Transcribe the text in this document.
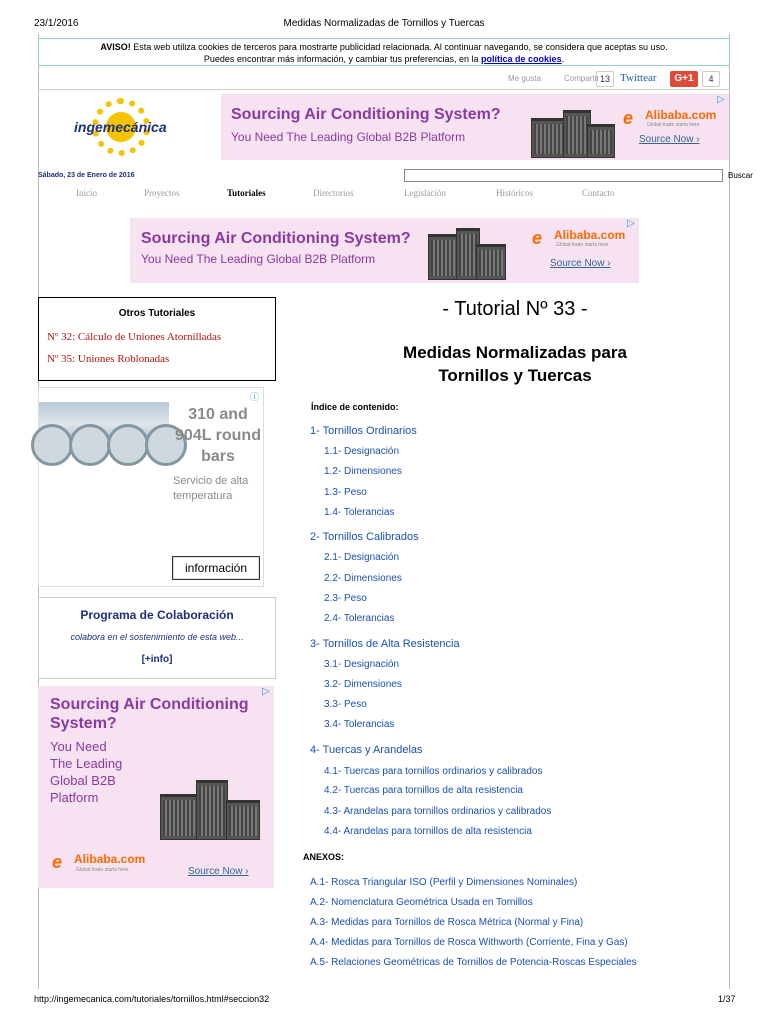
23/1/2016	Medidas Normalizadas de Tornillos y Tuercas
AVISO! Esta web utiliza cookies de terceros para mostrarte publicidad relacionada. Al continuar navegando, se considera que aceptas su uso.
Puedes encontrar más información, y cambiar tus preferencias, en la política de cookies.
Me gusta	Compartir 13 Twittear	G+1	4
ingemecánica
Sourcing Air Conditioning System?
You Need The Leading Global B2B Platform
e Alibaba.com
Global trade starts here.
Source Now ›
▷
Sábado, 23 de Enero de 2016	Buscar
Inicio	Proyectos	Tutoriales	Directorios	Legislación	Históricos	Contacto
Sourcing Air Conditioning System?
You Need The Leading Global B2B Platform
e Alibaba.com
Global trade starts here.
Source Now ›
▷
Otros Tutoriales
Nº 32: Cálculo de Uniones Atornilladas
Nº 35: Uniones Roblonadas
310 and
904L round
bars
Servicio de alta
temperatura
información
ⓘ
Programa de Colaboración
colabora en el sostenimiento de esta web...
[+info]
Sourcing Air Conditioning
System?
You Need
The Leading
Global B2B
Platform
e Alibaba.com
Global trade starts here.	Source Now ›
▷
- Tutorial Nº 33 -
Medidas Normalizadas para
Tornillos y Tuercas
Índice de contenido:
1- Tornillos Ordinarios
1.1- Designación
1.2- Dimensiones
1.3- Peso
1.4- Tolerancias
2- Tornillos Calibrados
2.1- Designación
2.2- Dimensiones
2.3- Peso
2.4- Tolerancias
3- Tornillos de Alta Resistencia
3.1- Designación
3.2- Dimensiones
3.3- Peso
3.4- Tolerancias
4- Tuercas y Arandelas
4.1- Tuercas para tornillos ordinarios y calibrados
4.2- Tuercas para tornillos de alta resistencia
4.3- Arandelas para tornillos ordinarios y calibrados
4.4- Arandelas para tornillos de alta resistencia
ANEXOS:
A.1- Rosca Triangular ISO (Perfil y Dimensiones Nominales)
A.2- Nomenclatura Geométrica Usada en Tornillos
A.3- Medidas para Tornillos de Rosca Métrica (Normal y Fina)
A.4- Medidas para Tornillos de Rosca Withworth (Corriente, Fina y Gas)
A.5- Relaciones Geométricas de Tornillos de Potencia-Roscas Especiales
http://ingemecanica.com/tutoriales/tornillos.html#seccion32	1/37
